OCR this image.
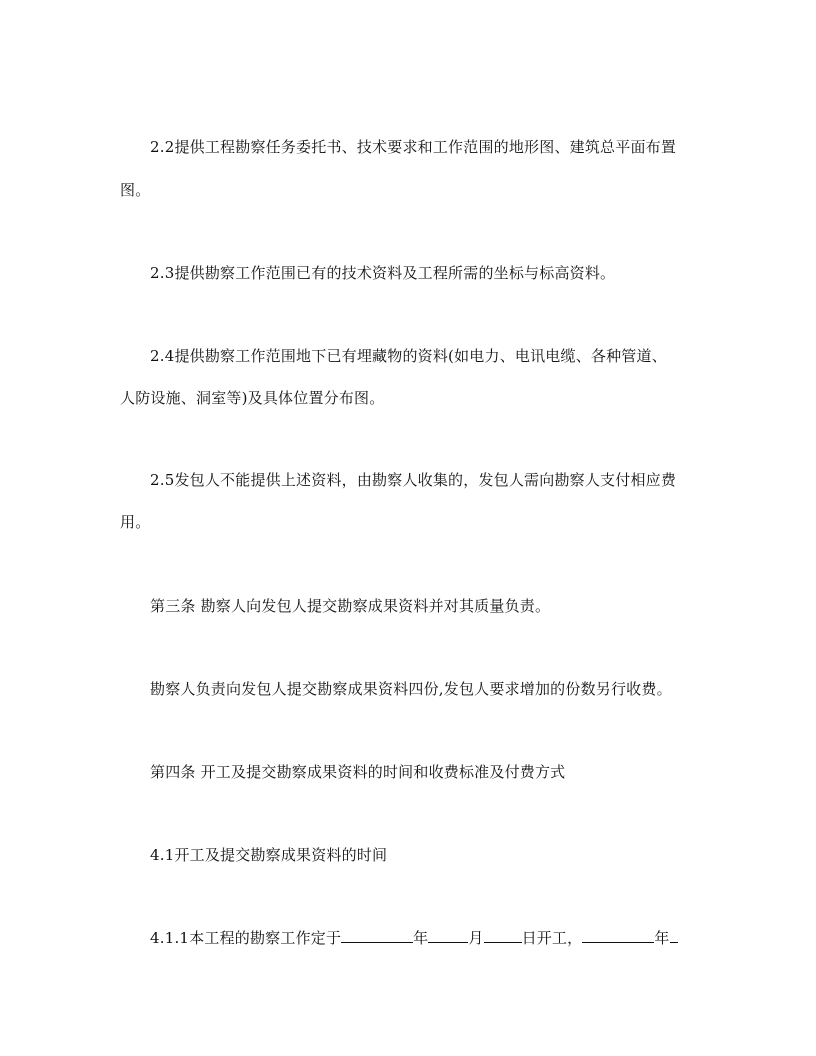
2.2提供工程勘察任务委托书、技术要求和工作范围的地形图、建筑总平面布置
图。
2.3提供勘察工作范围已有的技术资料及工程所需的坐标与标高资料。
2.4提供勘察工作范围地下已有埋藏物的资料(如电力、电讯电缆、各种管道、
人防设施、洞室等)及具体位置分布图。
2.5发包人不能提供上述资料，由勘察人收集的，发包人需向勘察人支付相应费
用。
第三条 勘察人向发包人提交勘察成果资料并对其质量负责。
勘察人负责向发包人提交勘察成果资料四份,发包人要求增加的份数另行收费。
第四条 开工及提交勘察成果资料的时间和收费标准及付费方式
4.1开工及提交勘察成果资料的时间
4.1.1本工程的勘察工作定于	年	月	日开工，	年
